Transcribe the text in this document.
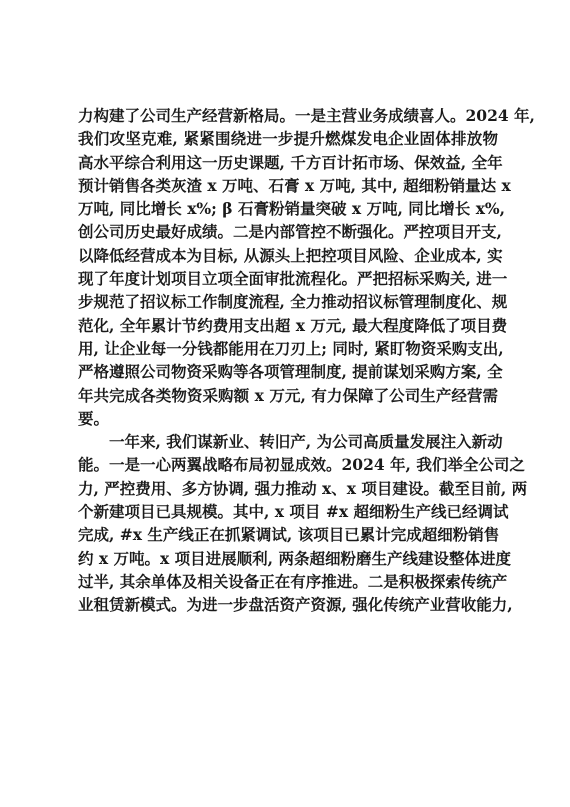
力构建了公司生产经营新格局。一是主营业务成绩喜人。2024 年,
我们攻坚克难, 紧紧围绕进一步提升燃煤发电企业固体排放物
高水平综合利用这一历史课题, 千方百计拓市场、保效益, 全年
预计销售各类灰渣 x 万吨、石膏 x 万吨, 其中, 超细粉销量达 x
万吨, 同比增长 x%; β 石膏粉销量突破 x 万吨, 同比增长 x%,
创公司历史最好成绩。二是内部管控不断强化。严控项目开支,
以降低经营成本为目标, 从源头上把控项目风险、企业成本, 实
现了年度计划项目立项全面审批流程化。严把招标采购关, 进一
步规范了招议标工作制度流程, 全力推动招议标管理制度化、规
范化, 全年累计节约费用支出超 x 万元, 最大程度降低了项目费
用, 让企业每一分钱都能用在刀刃上; 同时, 紧盯物资采购支出,
严格遵照公司物资采购等各项管理制度, 提前谋划采购方案, 全
年共完成各类物资采购额 x 万元, 有力保障了公司生产经营需
要。
一年来, 我们谋新业、转旧产, 为公司高质量发展注入新动
能。一是一心两翼战略布局初显成效。2024 年, 我们举全公司之
力, 严控费用、多方协调, 强力推动 x、x 项目建设。截至目前, 两
个新建项目已具规模。其中, x 项目 #x 超细粉生产线已经调试
完成, #x 生产线正在抓紧调试, 该项目已累计完成超细粉销售
约 x 万吨。x 项目进展顺利, 两条超细粉磨生产线建设整体进度
过半, 其余单体及相关设备正在有序推进。二是积极探索传统产
业租赁新模式。为进一步盘活资产资源, 强化传统产业营收能力,
